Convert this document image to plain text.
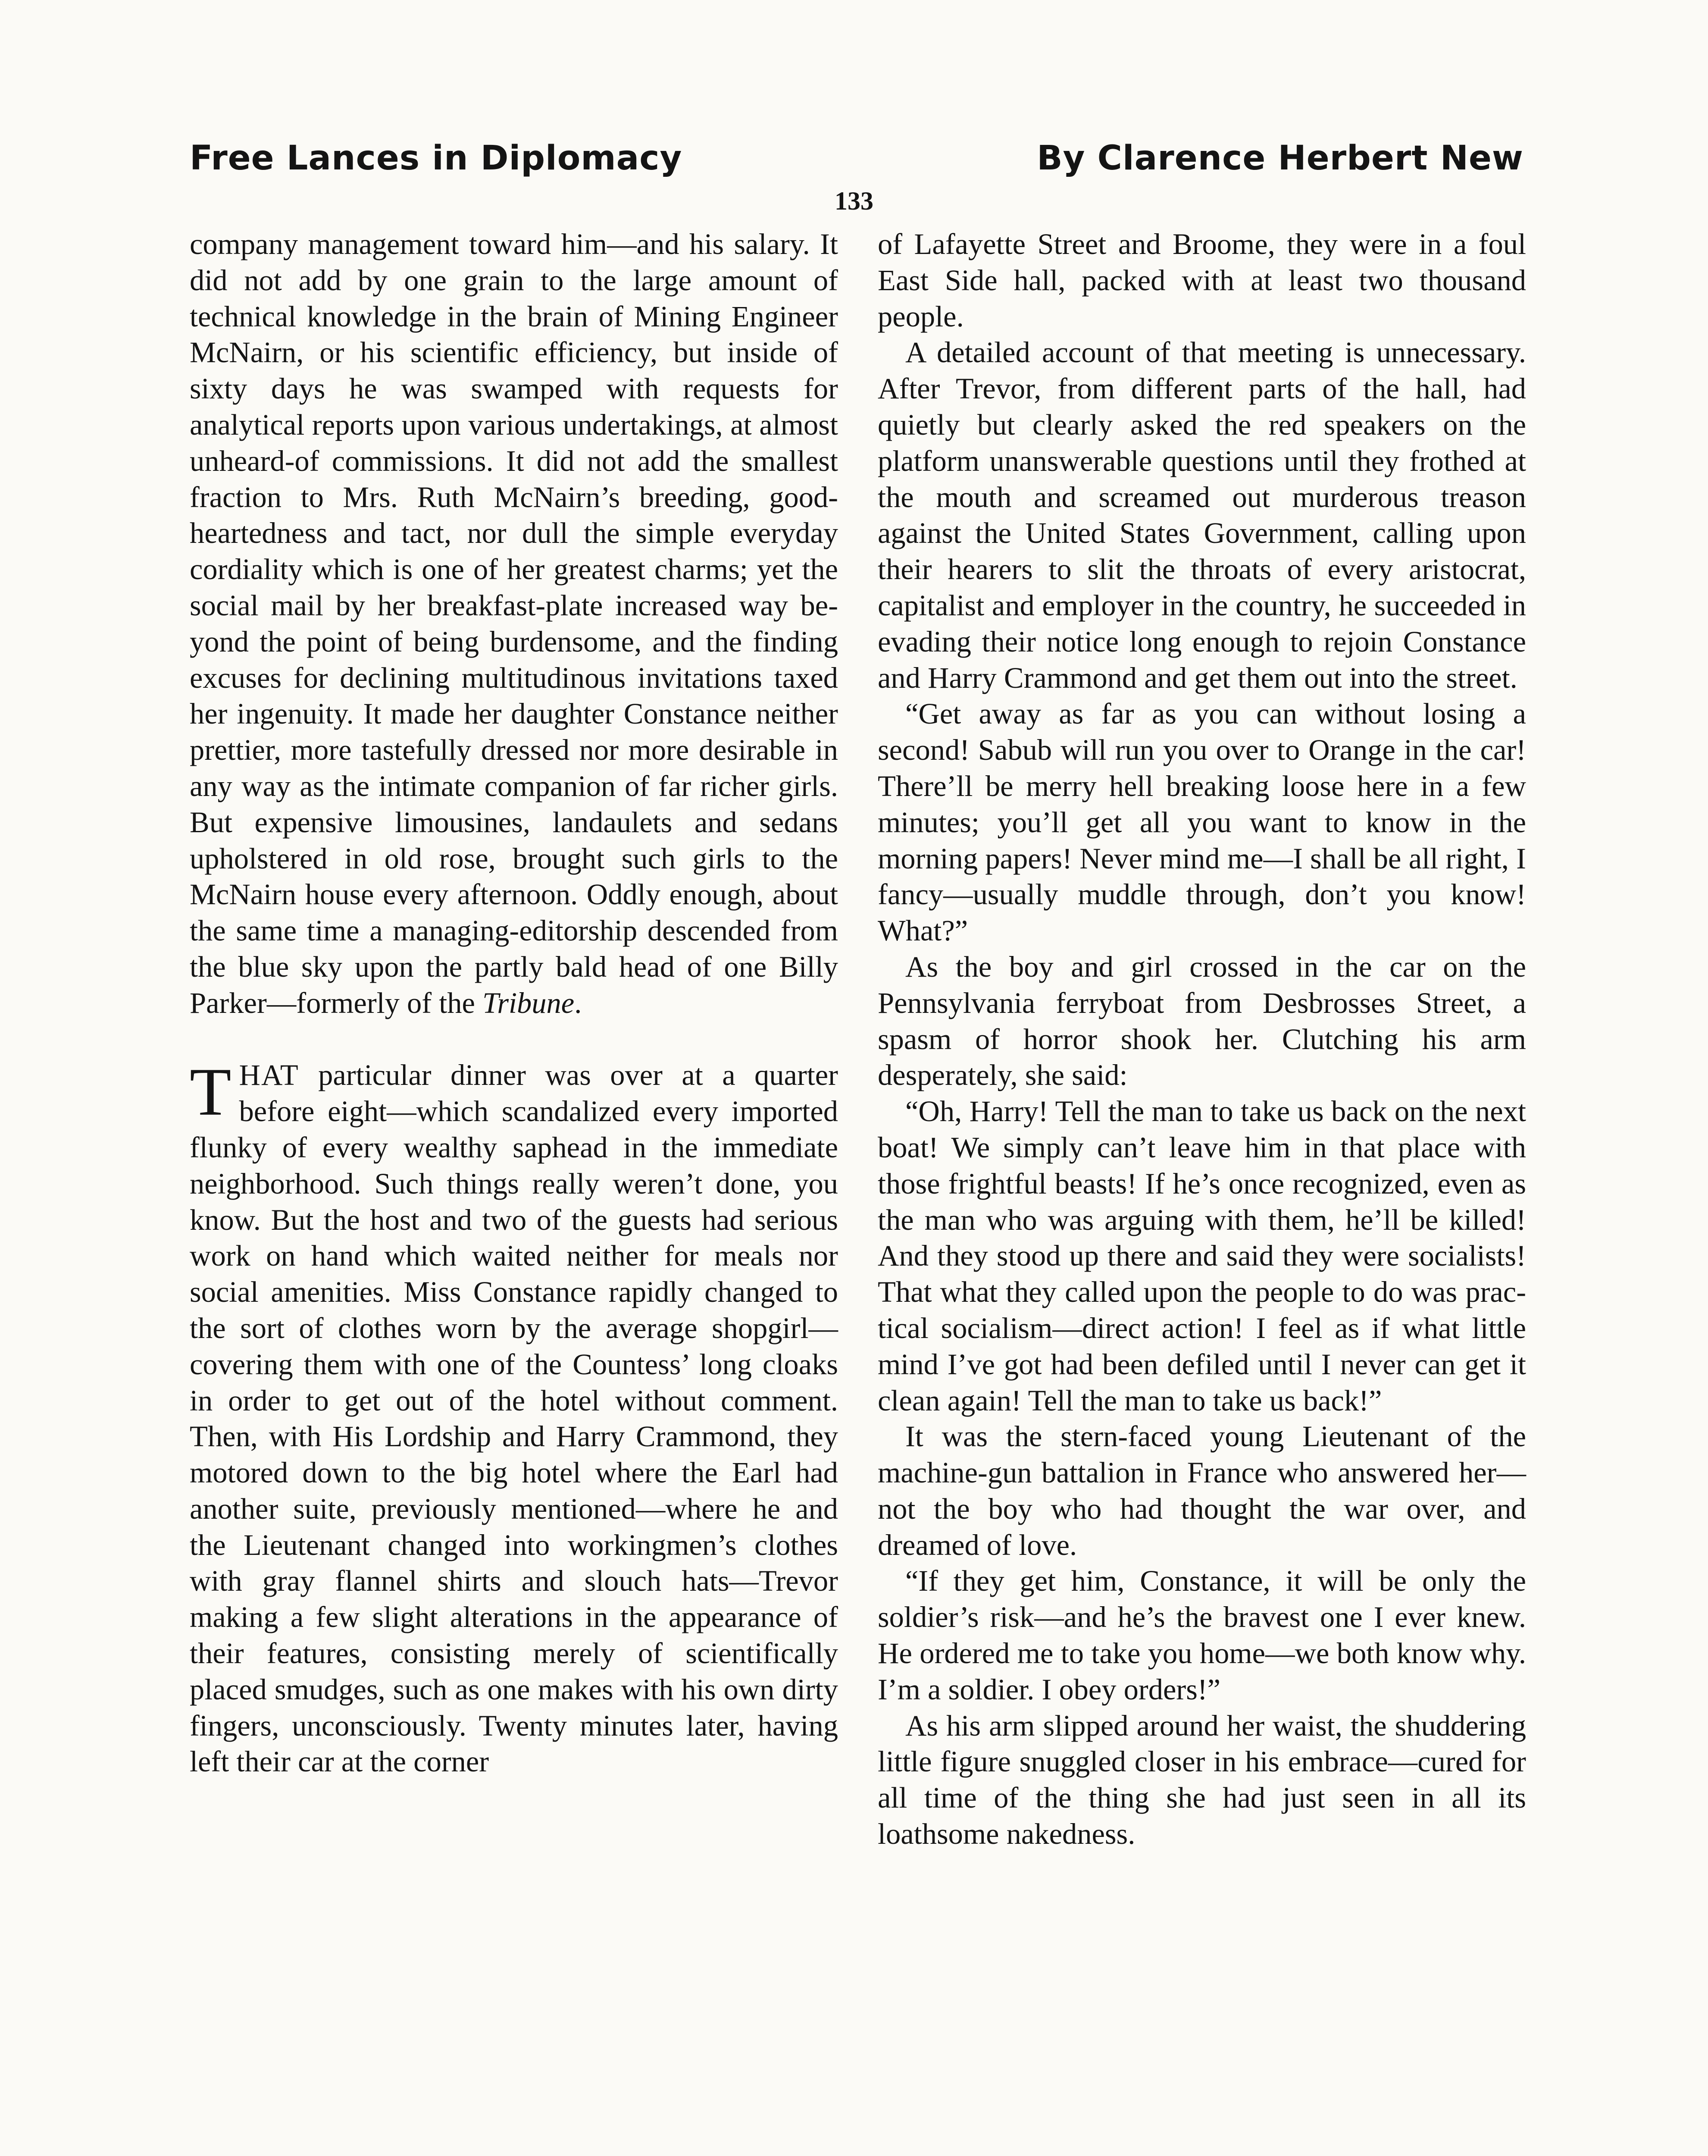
Free Lances in Diplomacy	By Clarence Herbert New
133

company management toward him—and his salary. It did not add by one grain to the large amount of technical knowledge in the brain of Mining Engineer McNairn, or his scientific efficiency, but inside of sixty days he was swamped with requests for analytical reports upon various undertakings, at almost unheard-of commissions. It did not add the smallest fraction to Mrs. Ruth McNairn’s breeding, good-heartedness and tact, nor dull the simple everyday cordiality which is one of her greatest charms; yet the social mail by her breakfast-plate increased way beyond the point of being burdensome, and the finding excuses for declining multitudinous invitations taxed her ingenuity. It made her daughter Constance neither prettier, more tastefully dressed nor more desirable in any way as the intimate companion of far richer girls. But expensive limousines, landaulets and sedans upholstered in old rose, brought such girls to the McNairn house every afternoon. Oddly enough, about the same time a managing-editorship descended from the blue sky upon the partly bald head of one Billy Parker—formerly of the Tribune.

THAT particular dinner was over at a quarter before eight—which scandalized every imported flunky of every wealthy saphead in the immediate neighborhood. Such things really weren’t done, you know. But the host and two of the guests had serious work on hand which waited neither for meals nor social amenities. Miss Constance rapidly changed to the sort of clothes worn by the average shopgirl—covering them with one of the Countess’ long cloaks in order to get out of the hotel without comment. Then, with His Lordship and Harry Crammond, they motored down to the big hotel where the Earl had another suite, previously mentioned—where he and the Lieutenant changed into workingmen’s clothes with gray flannel shirts and slouch hats—Trevor making a few slight alterations in the appearance of their features, consisting merely of scientifically placed smudges, such as one makes with his own dirty fingers, unconsciously. Twenty minutes later, having left their car at the corner

of Lafayette Street and Broome, they were in a foul East Side hall, packed with at least two thousand people.

A detailed account of that meeting is unnecessary. After Trevor, from different parts of the hall, had quietly but clearly asked the red speakers on the platform unanswerable questions until they frothed at the mouth and screamed out murderous treason against the United States Government, calling upon their hearers to slit the throats of every aristocrat, capitalist and employer in the country, he succeeded in evading their notice long enough to rejoin Constance and Harry Crammond and get them out into the street.

“Get away as far as you can without losing a second! Sabub will run you over to Orange in the car! There’ll be merry hell breaking loose here in a few minutes; you’ll get all you want to know in the morning papers! Never mind me—I shall be all right, I fancy—usually muddle through, don’t you know! What?”

As the boy and girl crossed in the car on the Pennsylvania ferryboat from Desbrosses Street, a spasm of horror shook her. Clutching his arm desperately, she said:

“Oh, Harry! Tell the man to take us back on the next boat! We simply can’t leave him in that place with those frightful beasts! If he’s once recognized, even as the man who was arguing with them, he’ll be killed! And they stood up there and said they were socialists! That what they called upon the people to do was practical socialism—direct action! I feel as if what little mind I’ve got had been defiled until I never can get it clean again! Tell the man to take us back!”

It was the stern-faced young Lieutenant of the machine-gun battalion in France who answered her—not the boy who had thought the war over, and dreamed of love.

“If they get him, Constance, it will be only the soldier’s risk—and he’s the bravest one I ever knew. He ordered me to take you home—we both know why. I’m a soldier. I obey orders!”

As his arm slipped around her waist, the shuddering little figure snuggled closer in his embrace—cured for all time of the thing she had just seen in all its loathsome nakedness.
